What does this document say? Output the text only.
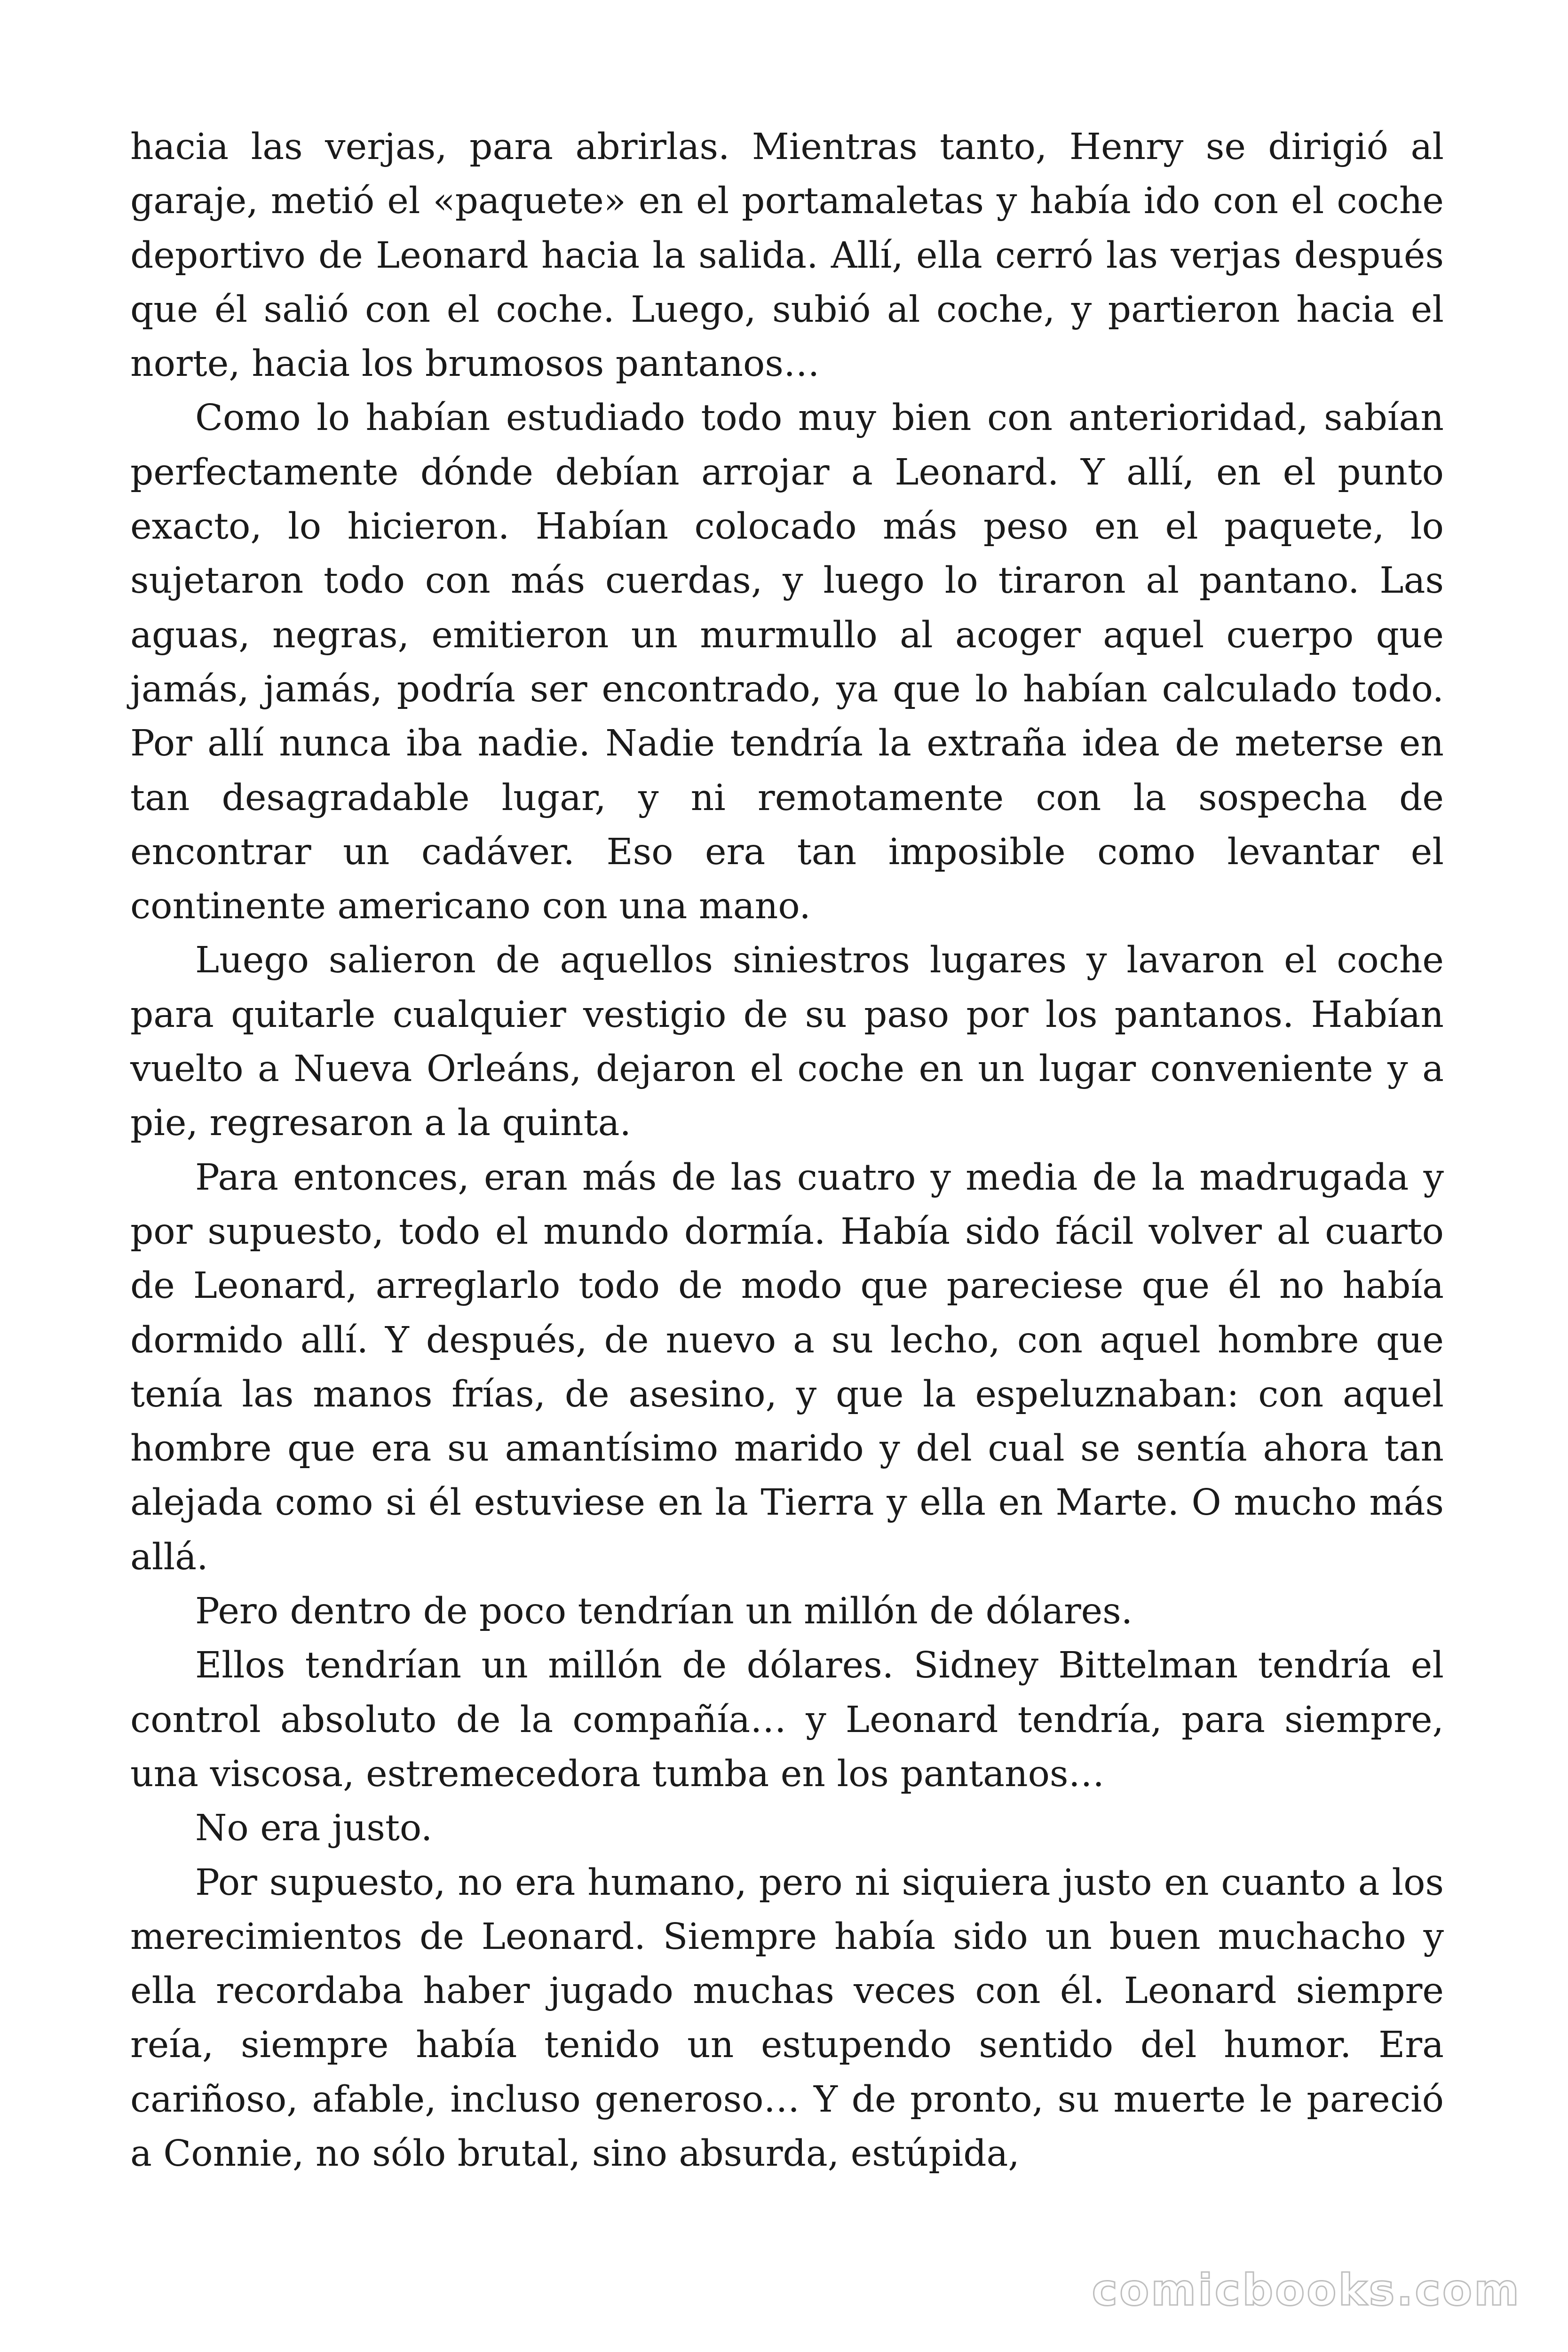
hacia las verjas, para abrirlas. Mientras tanto, Henry se dirigió al garaje, metió el «paquete» en el portamaletas y había ido con el coche deportivo de Leonard hacia la salida. Allí, ella cerró las verjas después que él salió con el coche. Luego, subió al coche, y partieron hacia el norte, hacia los brumosos pantanos…

Como lo habían estudiado todo muy bien con anterioridad, sabían perfectamente dónde debían arrojar a Leonard. Y allí, en el punto exacto, lo hicieron. Habían colocado más peso en el paquete, lo sujetaron todo con más cuerdas, y luego lo tiraron al pantano. Las aguas, negras, emitieron un murmullo al acoger aquel cuerpo que jamás, jamás, podría ser encontrado, ya que lo habían calculado todo. Por allí nunca iba nadie. Nadie tendría la extraña idea de meterse en tan desagradable lugar, y ni remotamente con la sospecha de encontrar un cadáver. Eso era tan imposible como levantar el continente americano con una mano.

Luego salieron de aquellos siniestros lugares y lavaron el coche para quitarle cualquier vestigio de su paso por los pantanos. Habían vuelto a Nueva Orleáns, dejaron el coche en un lugar conveniente y a pie, regresaron a la quinta.

Para entonces, eran más de las cuatro y media de la madrugada y por supuesto, todo el mundo dormía. Había sido fácil volver al cuarto de Leonard, arreglarlo todo de modo que pareciese que él no había dormido allí. Y después, de nuevo a su lecho, con aquel hombre que tenía las manos frías, de asesino, y que la espeluznaban: con aquel hombre que era su amantísimo marido y del cual se sentía ahora tan alejada como si él estuviese en la Tierra y ella en Marte. O mucho más allá.

Pero dentro de poco tendrían un millón de dólares.

Ellos tendrían un millón de dólares. Sidney Bittelman tendría el control absoluto de la compañía… y Leonard tendría, para siempre, una viscosa, estremecedora tumba en los pantanos…

No era justo.

Por supuesto, no era humano, pero ni siquiera justo en cuanto a los merecimientos de Leonard. Siempre había sido un buen muchacho y ella recordaba haber jugado muchas veces con él. Leonard siempre reía, siempre había tenido un estupendo sentido del humor. Era cariñoso, afable, incluso generoso… Y de pronto, su muerte le pareció a Connie, no sólo brutal, sino absurda, estúpida,

comicbooks.com
